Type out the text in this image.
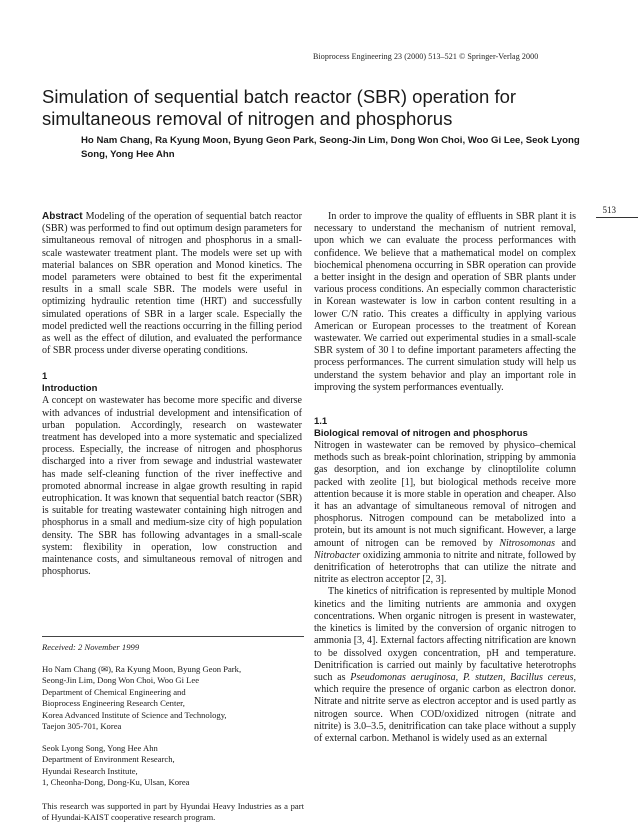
Bioprocess Engineering 23 (2000) 513–521 © Springer-Verlag 2000
513
Simulation of sequential batch reactor (SBR) operation for simultaneous removal of nitrogen and phosphorus

Ho Nam Chang, Ra Kyung Moon, Byung Geon Park, Seong-Jin Lim, Dong Won Choi, Woo Gi Lee, Seok Lyong Song, Yong Hee Ahn

Abstract Modeling of the operation of sequential batch reactor (SBR) was performed to find out optimum design parameters for simultaneous removal of nitrogen and phosphorus in a small-scale wastewater treatment plant. The models were set up with material balances on SBR operation and Monod kinetics. The model parameters were obtained to best fit the experimental results in a small scale SBR. The models were useful in optimizing hydraulic retention time (HRT) and successfully simulated operations of SBR in a larger scale. Especially the model predicted well the reactions occurring in the filling period as well as the effect of dilution, and evaluated the performance of SBR process under diverse operating conditions.

1
Introduction

A concept on wastewater has become more specific and diverse with advances of industrial development and intensification of urban population. Accordingly, research on wastewater treatment has developed into a more systematic and specialized process. Especially, the increase of nitrogen and phosphorus discharged into a river from sewage and industrial wastewater has made self-cleaning function of the river ineffective and promoted abnormal increase in algae growth resulting in rapid eutrophication. It was known that sequential batch reactor (SBR) is suitable for treating wastewater containing high nitrogen and phosphorus in a small and medium-size city of high population density. The SBR has following advantages in a small-scale system: flexibility in operation, low construction and maintenance costs, and simultaneous removal of nitrogen and phosphorus.

In order to improve the quality of effluents in SBR plant it is necessary to understand the mechanism of nutrient removal, upon which we can evaluate the process performances with confidence. We believe that a mathematical model on complex biochemical phenomena occurring in SBR operation can provide a better insight in the design and operation of SBR plants under various process conditions. An especially common characteristic in Korean wastewater is low in carbon content resulting in a lower C/N ratio. This creates a difficulty in applying various American or European processes to the treatment of Korean wastewater. We carried out experimental studies in a small-scale SBR system of 30 l to define important parameters affecting the process performances. The current simulation study will help us understand the system behavior and play an important role in improving the system performances eventually.

1.1
Biological removal of nitrogen and phosphorus

Nitrogen in wastewater can be removed by physico–chemical methods such as break-point chlorination, stripping by ammonia gas desorption, and ion exchange by clinoptilolite column packed with zeolite [1], but biological methods receive more attention because it is more stable in operation and cheaper. Also it has an advantage of simultaneous removal of nitrogen and phosphorus. Nitrogen compound can be metabolized into a protein, but its amount is not much significant. However, a large amount of nitrogen can be removed by Nitrosomonas and Nitrobacter oxidizing ammonia to nitrite and nitrate, followed by denitrification of heterotrophs that can utilize the nitrate and nitrite as electron acceptor [2, 3].

The kinetics of nitrification is represented by multiple Monod kinetics and the limiting nutrients are ammonia and oxygen concentrations. When organic nitrogen is present in wastewater, the kinetics is limited by the conversion of organic nitrogen to ammonia [3, 4]. External factors affecting nitrification are known to be dissolved oxygen concentration, pH and temperature. Denitrification is carried out mainly by facultative heterotrophs such as Pseudomonas aeruginosa, P. stutzen, Bacillus cereus, which require the presence of organic carbon as electron donor. Nitrate and nitrite serve as electron acceptor and is used partly as nitrogen source. When COD/oxidized nitrogen (nitrate and nitrite) is 3.0–3.5, denitrification can take place without a supply of external carbon. Methanol is widely used as an external

Received: 2 November 1999

Ho Nam Chang (✉), Ra Kyung Moon, Byung Geon Park,

Seong-Jin Lim, Dong Won Choi, Woo Gi Lee

Department of Chemical Engineering and

Bioprocess Engineering Research Center,

Korea Advanced Institute of Science and Technology,

Taejon 305-701, Korea

Seok Lyong Song, Yong Hee Ahn

Department of Environment Research,

Hyundai Research Institute,

1, Cheonha-Dong, Dong-Ku, Ulsan, Korea

This research was supported in part by Hyundai Heavy Industries as a part of Hyundai-KAIST cooperative research program.
